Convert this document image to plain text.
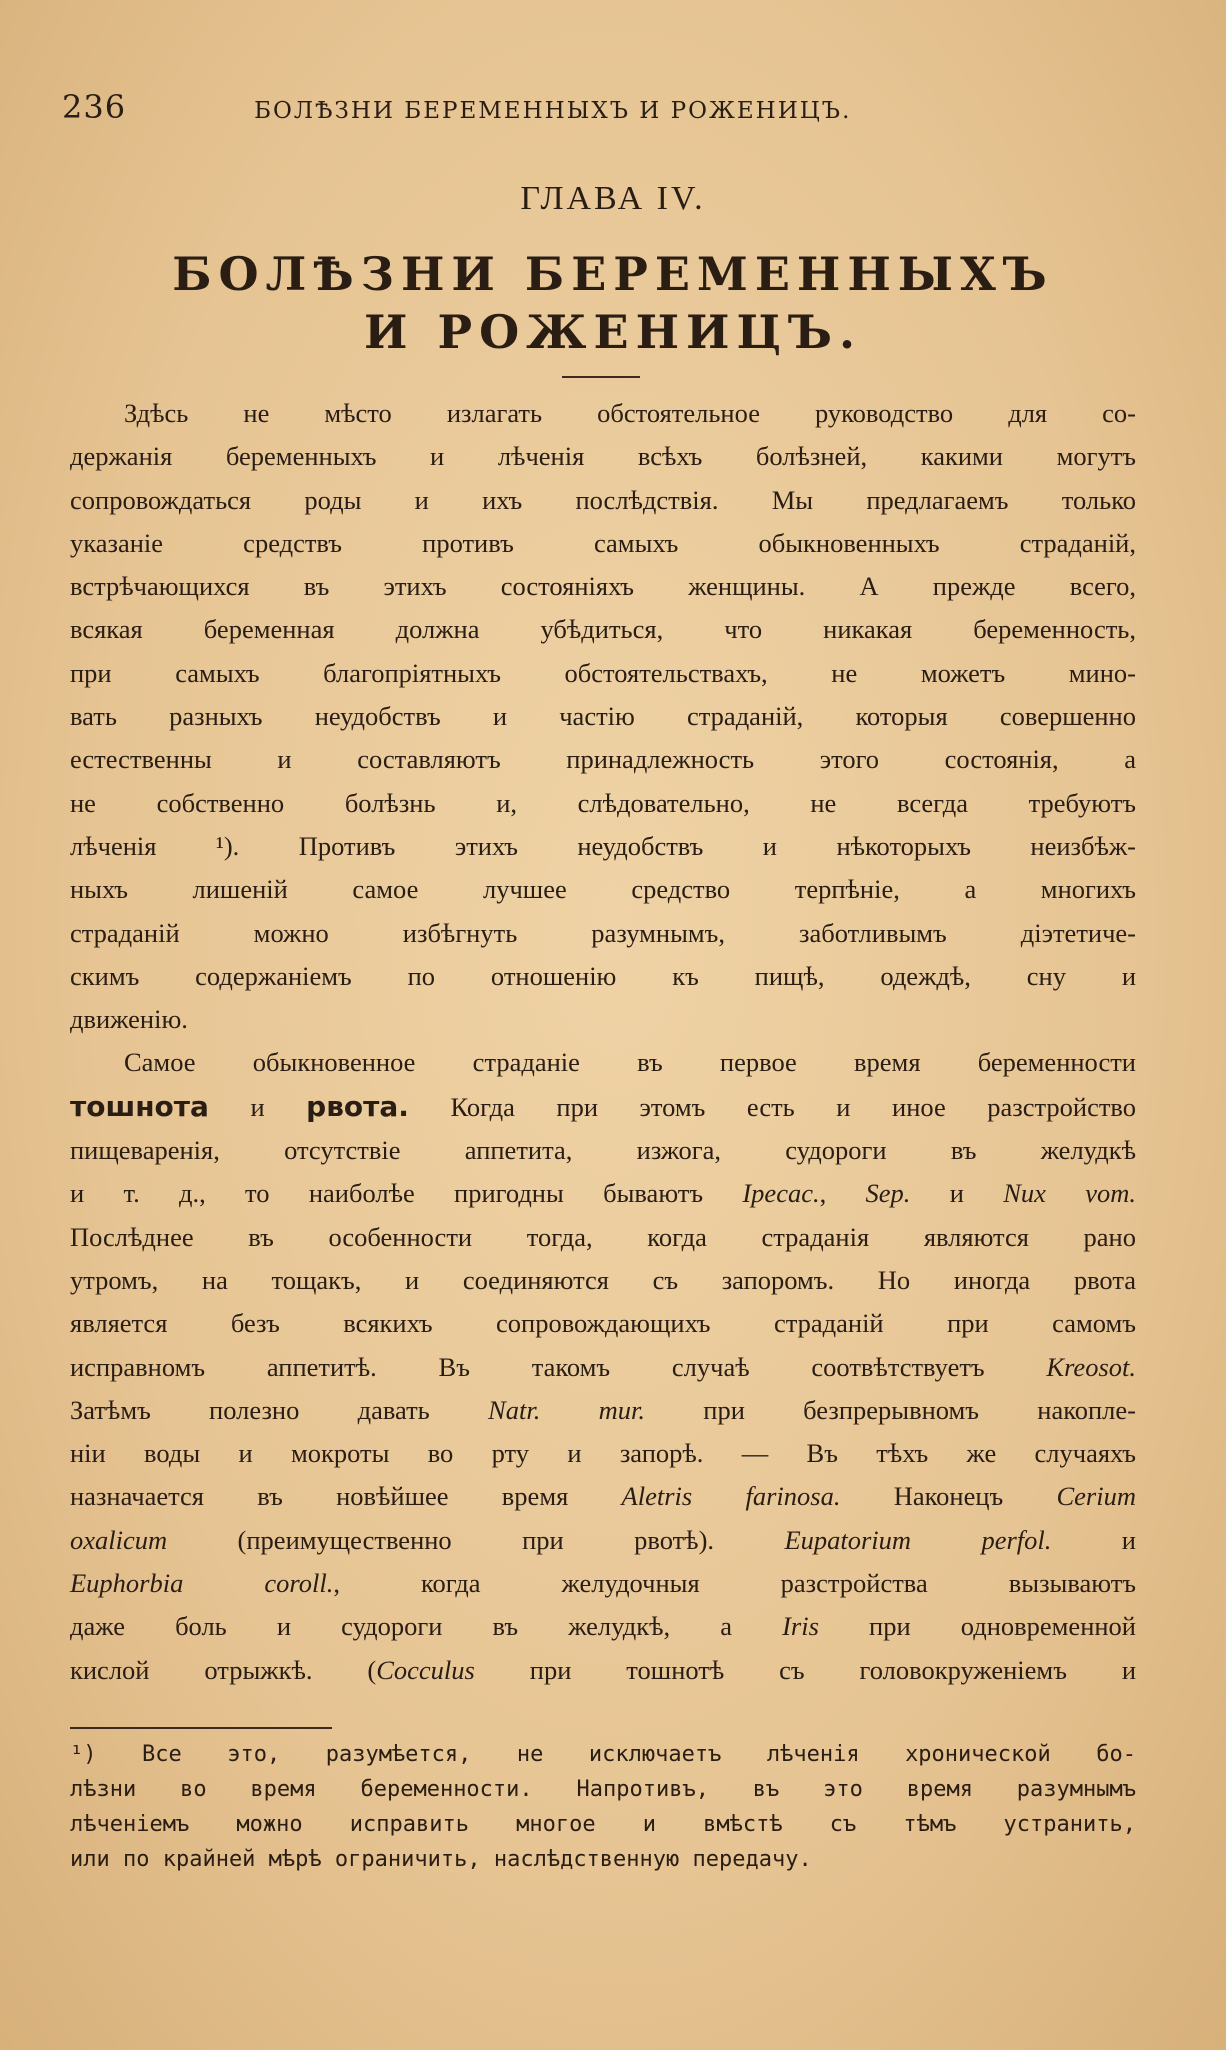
236	БОЛѢЗНИ БЕРЕМЕННЫХЪ И РОЖЕНИЦЪ.
ГЛАВА IV.
БОЛѢЗНИ БЕРЕМЕННЫХЪ
И РОЖЕНИЦЪ.
Здѣсь не мѣсто излагать обстоятельное руководство для со-
держанія беременныхъ и лѣченія всѣхъ болѣзней, какими могутъ
сопровождаться роды и ихъ послѣдствія. Мы предлагаемъ только
указаніе средствъ противъ самыхъ обыкновенныхъ страданій,
встрѣчающихся въ этихъ состояніяхъ женщины. А прежде всего,
всякая беременная должна убѣдиться, что никакая беременность,
при самыхъ благопріятныхъ обстоятельствахъ, не можетъ мино-
вать разныхъ неудобствъ и частію страданій, которыя совершенно
естественны и составляютъ принадлежность этого состоянія, а
не собственно болѣзнь и, слѣдовательно, не всегда требуютъ
лѣченія ¹). Противъ этихъ неудобствъ и нѣкоторыхъ неизбѣж-
ныхъ лишеній самое лучшее средство терпѣніе, а многихъ
страданій можно избѣгнуть разумнымъ, заботливымъ діэтетиче-
скимъ содержаніемъ по отношенію къ пищѣ, одеждѣ, сну и
движенію.
Самое обыкновенное страданіе въ первое время беременности
тошнота и рвота. Когда при этомъ есть и иное разстройство
пищеваренія, отсутствіе аппетита, изжога, судороги въ желудкѣ
и т. д., то наиболѣе пригодны бываютъ Ipecac., Sep. и Nux vom.
Послѣднее въ особенности тогда, когда страданія являются рано
утромъ, на тощакъ, и соединяются съ запоромъ. Но иногда рвота
является безъ всякихъ сопровождающихъ страданій при самомъ
исправномъ аппетитѣ. Въ такомъ случаѣ соотвѣтствуетъ Kreosot.
Затѣмъ полезно давать Natr. mur. при безпрерывномъ накопле-
ніи воды и мокроты во рту и запорѣ. — Въ тѣхъ же случаяхъ
назначается въ новѣйшее время Aletris farinosa. Наконецъ Cerium
oxalicum (преимущественно при рвотѣ). Eupatorium perfol. и
Euphorbia coroll., когда желудочныя разстройства вызываютъ
даже боль и судороги въ желудкѣ, а Iris при одновременной
кислой отрыжкѣ. (Cocculus при тошнотѣ съ головокруженіемъ и
¹) Все это, разумѣется, не исключаетъ лѣченія хронической бо-
лѣзни во время беременности. Напротивъ, въ это время разумнымъ
лѣченіемъ можно исправить многое и вмѣстѣ съ тѣмъ устранить,
или по крайней мѣрѣ ограничить, наслѣдственную передачу.
